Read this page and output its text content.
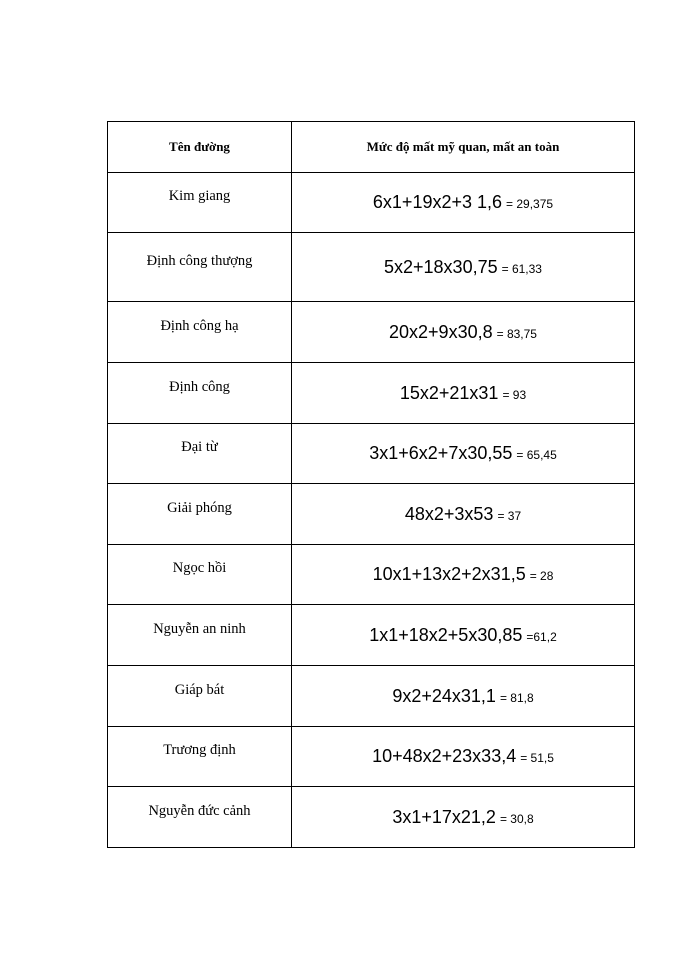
Tên đường	Mức độ mất mỹ quan, mất an toàn
Kim giang	6x1+19x2+3 1,6 = 29,375
Định công thượng	5x2+18x30,75 = 61,33
Định công hạ	20x2+9x30,8 = 83,75
Định công	15x2+21x31 = 93
Đại từ	3x1+6x2+7x30,55 = 65,45
Giải phóng	48x2+3x53 = 37
Ngọc hồi	10x1+13x2+2x31,5 = 28
Nguyễn an ninh	1x1+18x2+5x30,85 =61,2
Giáp bát	9x2+24x31,1 = 81,8
Trương định	10+48x2+23x33,4 = 51,5
Nguyễn đức cảnh	3x1+17x21,2 = 30,8
